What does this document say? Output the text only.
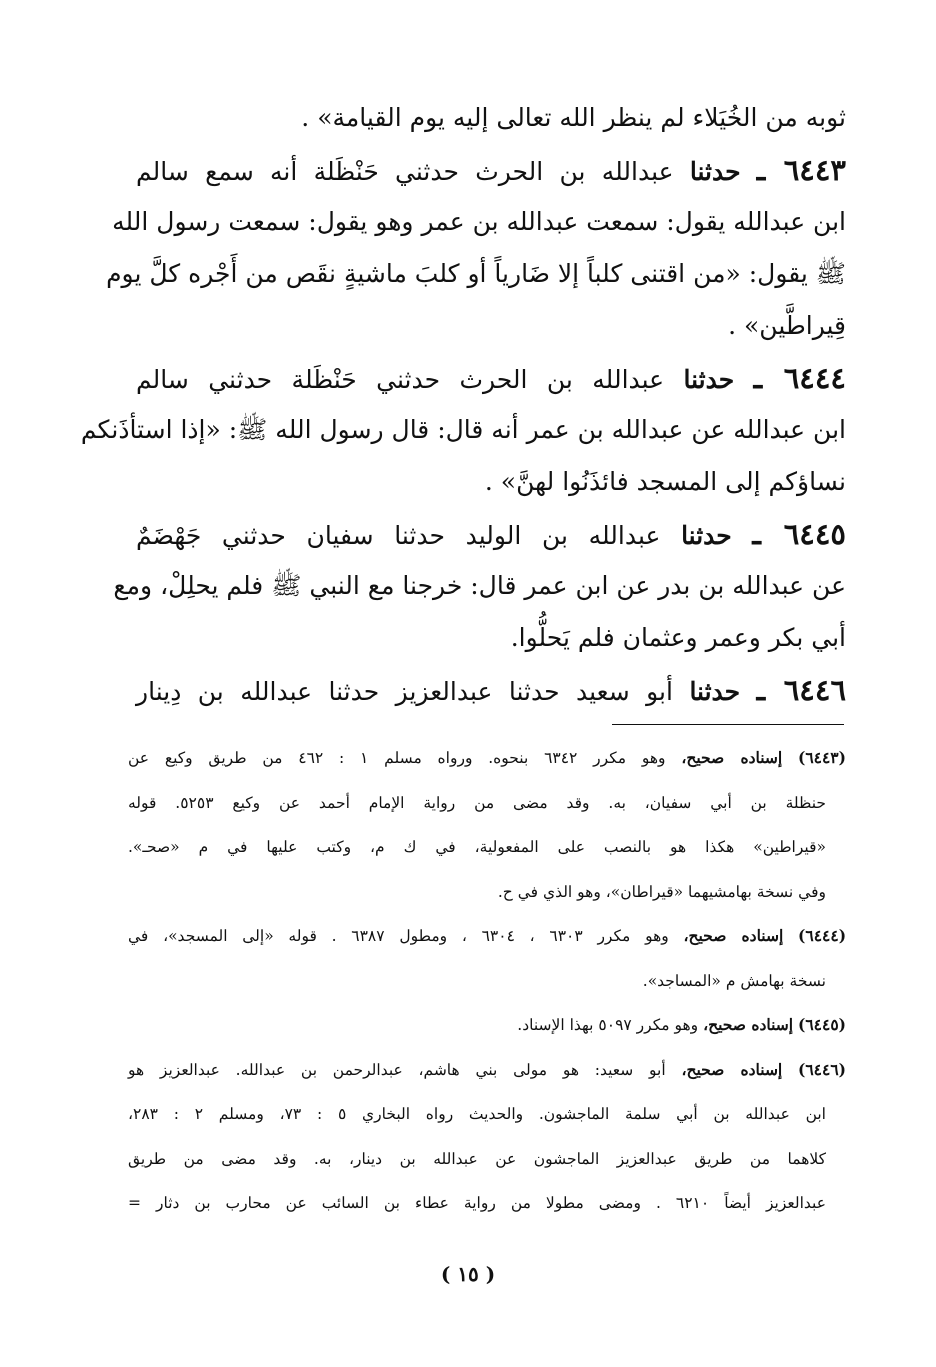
ثوبه من الخُيَلاء لم ينظر الله تعالى إليه يوم القيامة» .
٦٤٤٣ ـ حدثنا عبدالله بن الحرث حدثني حَنْظَلة أنه سمع سالم
ابن عبدالله يقول: سمعت عبدالله بن عمر وهو يقول: سمعت رسول الله
ﷺ يقول: «من اقتنى كلباً إلا ضَارياً أو كلبَ ماشيةٍ نقَص من أَجْره كلَّ يوم
قِيراطَّين» .
٦٤٤٤ ـ حدثنا عبدالله بن الحرث حدثني حَنْظَلة حدثني سالم
ابن عبدالله عن عبدالله بن عمر أنه قال: قال رسول الله ﷺ: «إذا استأذَنكم
نساؤكم إلى المسجد فائذَنُوا لهنَّ» .
٦٤٤٥ ـ حدثنا عبدالله بن الوليد حدثنا سفيان حدثني جَهْضَمٌ
عن عبدالله بن بدر عن ابن عمر قال: خرجنا مع النبي ﷺ فلم يحلِلْ، ومع
أبي بكر وعمر وعثمان فلم يَحلُّوا.
٦٤٤٦ ـ حدثنا أبو سعيد حدثنا عبدالعزيز حدثنا عبدالله بن دِينار
(٦٤٤٣) إسناده صحيح، وهو مكرر ٦٣٤٢ بنحوه. ورواه مسلم ١ : ٤٦٢ من طريق وكيع عن
حنظلة بن أبي سفيان، به. وقد مضى من رواية الإمام أحمد عن وكيع ٥٢٥٣. قوله
«قيراطين» هكذا هو بالنصب على المفعولية، في ك م، وكتب عليها في م «صحـ».
وفي نسخة بهامشيهما «قيراطان»، وهو الذي في ح.
(٦٤٤٤) إسناده صحيح، وهو مكرر ٦٣٠٣ ، ٦٣٠٤ ، ومطول ٦٣٨٧ . قوله «إلى المسجد»، في
نسخة بهامش م «المساجد».
(٦٤٤٥) إسناده صحيح، وهو مكرر ٥٠٩٧ بهذا الإسناد.
(٦٤٤٦) إسناده صحيح، أبو سعيد: هو مولى بني هاشم، عبدالرحمن بن عبدالله. عبدالعزيز هو
ابن عبدالله بن أبي سلمة الماجشون. والحديث رواه البخاري ٥ : ٧٣، ومسلم ٢ : ٢٨٣،
كلاهما من طريق عبدالعزيز الماجشون عن عبدالله بن دينار، به. وقد مضى من طريق
عبدالعزيز أيضاً ٦٢١٠ . ومضى مطولا من رواية عطاء بن السائب عن محارب بن دثار =
( ١٥ )
